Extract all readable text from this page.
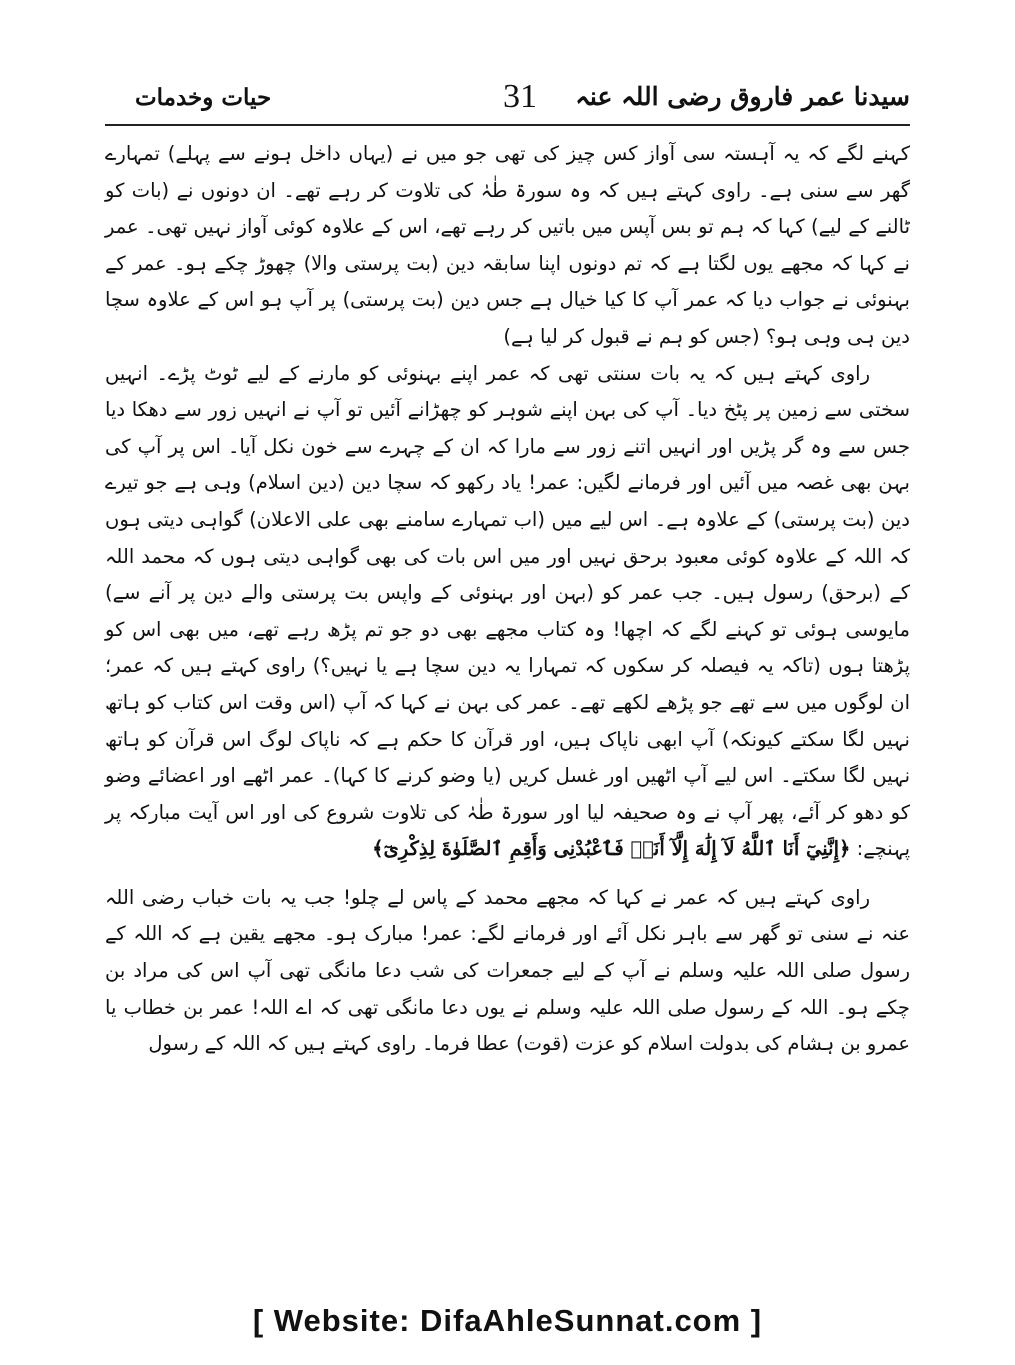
سیدنا عمر فاروق رضی اللہ عنہ
31
حیات وخدمات

کہنے لگے کہ یہ آہستہ سی آواز کس چیز کی تھی جو میں نے (یہاں داخل ہونے سے پہلے) تمہارے گھر سے سنی ہے۔ راوی کہتے ہیں کہ وہ سورۃ طٰہٰ کی تلاوت کر رہے تھے۔ ان دونوں نے (بات کو ٹالنے کے لیے) کہا کہ ہم تو بس آپس میں باتیں کر رہے تھے، اس کے علاوہ کوئی آواز نہیں تھی۔ عمر نے کہا کہ مجھے یوں لگتا ہے کہ تم دونوں اپنا سابقہ دین (بت پرستی والا) چھوڑ چکے ہو۔ عمر کے بہنوئی نے جواب دیا کہ عمر آپ کا کیا خیال ہے جس دین (بت پرستی) پر آپ ہو اس کے علاوہ سچا دین ہی وہی ہو؟ (جس کو ہم نے قبول کر لیا ہے)

راوی کہتے ہیں کہ یہ بات سنتی تھی کہ عمر اپنے بہنوئی کو مارنے کے لیے ٹوٹ پڑے۔ انہیں سختی سے زمین پر پٹخ دیا۔ آپ کی بہن اپنے شوہر کو چھڑانے آئیں تو آپ نے انہیں زور سے دھکا دیا جس سے وہ گر پڑیں اور انہیں اتنے زور سے مارا کہ ان کے چہرے سے خون نکل آیا۔ اس پر آپ کی بہن بھی غصہ میں آئیں اور فرمانے لگیں: عمر! یاد رکھو کہ سچا دین (دین اسلام) وہی ہے جو تیرے دین (بت پرستی) کے علاوہ ہے۔ اس لیے میں (اب تمہارے سامنے بھی علی الاعلان) گواہی دیتی ہوں کہ اللہ کے علاوہ کوئی معبود برحق نہیں اور میں اس بات کی بھی گواہی دیتی ہوں کہ محمد اللہ کے (برحق) رسول ہیں۔ جب عمر کو (بہن اور بہنوئی کے واپس بت پرستی والے دین پر آنے سے) مایوسی ہوئی تو کہنے لگے کہ اچھا! وہ کتاب مجھے بھی دو جو تم پڑھ رہے تھے، میں بھی اس کو پڑھتا ہوں (تاکہ یہ فیصلہ کر سکوں کہ تمہارا یہ دین سچا ہے یا نہیں؟) راوی کہتے ہیں کہ عمر؛ ان لوگوں میں سے تھے جو پڑھے لکھے تھے۔ عمر کی بہن نے کہا کہ آپ (اس وقت اس کتاب کو ہاتھ نہیں لگا سکتے کیونکہ) آپ ابھی ناپاک ہیں، اور قرآن کا حکم ہے کہ ناپاک لوگ اس قرآن کو ہاتھ نہیں لگا سکتے۔ اس لیے آپ اٹھیں اور غسل کریں (یا وضو کرنے کا کہا)۔ عمر اٹھے اور اعضائے وضو کو دھو کر آئے، پھر آپ نے وہ صحیفہ لیا اور سورۃ طٰہٰ کی تلاوت شروع کی اور اس آیت مبارکہ پر پہنچے: ﴿إِنَّنِيٓ أَنَا ٱللَّهُ لَآ إِلَٰهَ إِلَّآ أَنَا۠ فَٱعْبُدْنِى وَأَقِمِ ٱلصَّلَوٰةَ لِذِكْرِىٓ﴾

راوی کہتے ہیں کہ عمر نے کہا کہ مجھے محمد کے پاس لے چلو! جب یہ بات خباب رضی اللہ عنہ نے سنی تو گھر سے باہر نکل آئے اور فرمانے لگے: عمر! مبارک ہو۔ مجھے یقین ہے کہ اللہ کے رسول صلی اللہ علیہ وسلم نے آپ کے لیے جمعرات کی شب دعا مانگی تھی آپ اس کی مراد بن چکے ہو۔ اللہ کے رسول صلی اللہ علیہ وسلم نے یوں دعا مانگی تھی کہ اے اللہ! عمر بن خطاب یا عمرو بن ہشام کی بدولت اسلام کو عزت (قوت) عطا فرما۔ راوی کہتے ہیں کہ اللہ کے رسول

[ Website: DifaAhleSunnat.com ]
